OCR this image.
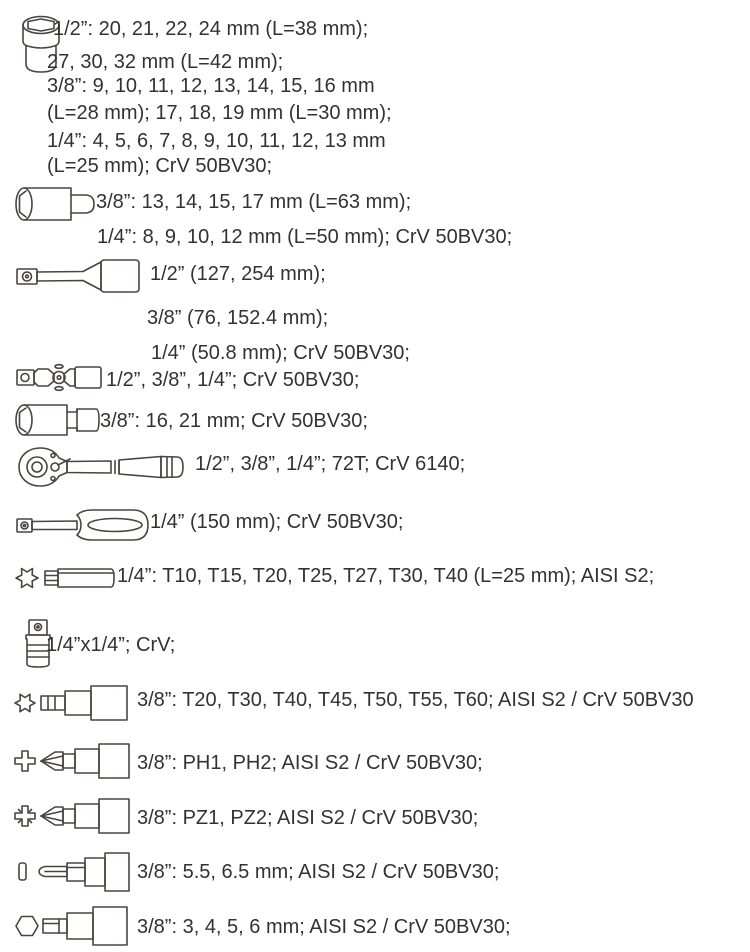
1/2”: 20, 21, 22, 24 mm (L=38 mm);
27, 30, 32 mm (L=42 mm);
3/8”: 9, 10, 11, 12, 13, 14, 15, 16 mm
(L=28 mm); 17, 18, 19 mm (L=30 mm);
1/4”: 4, 5, 6, 7, 8, 9, 10, 11, 12, 13 mm
(L=25 mm); CrV 50BV30;
3/8”: 13, 14, 15, 17 mm (L=63 mm);
1/4”: 8, 9, 10, 12 mm (L=50 mm); CrV 50BV30;
1/2” (127, 254 mm);
3/8” (76, 152.4 mm);
1/4” (50.8 mm); CrV 50BV30;
1/2”, 3/8”, 1/4”; CrV 50BV30;
3/8”: 16, 21 mm; CrV 50BV30;
1/2”, 3/8”, 1/4”; 72T; CrV 6140;
1/4” (150 mm); CrV 50BV30;
1/4”: T10, T15, T20, T25, T27, T30, T40 (L=25 mm); AISI S2;
1/4”x1/4”; CrV;
3/8”: T20, T30, T40, T45, T50, T55, T60; AISI S2 / CrV 50BV30
3/8”: PH1, PH2; AISI S2 / CrV 50BV30;
3/8”: PZ1, PZ2; AISI S2 / CrV 50BV30;
3/8”: 5.5, 6.5 mm; AISI S2 / CrV 50BV30;
3/8”: 3, 4, 5, 6 mm; AISI S2 / CrV 50BV30;
